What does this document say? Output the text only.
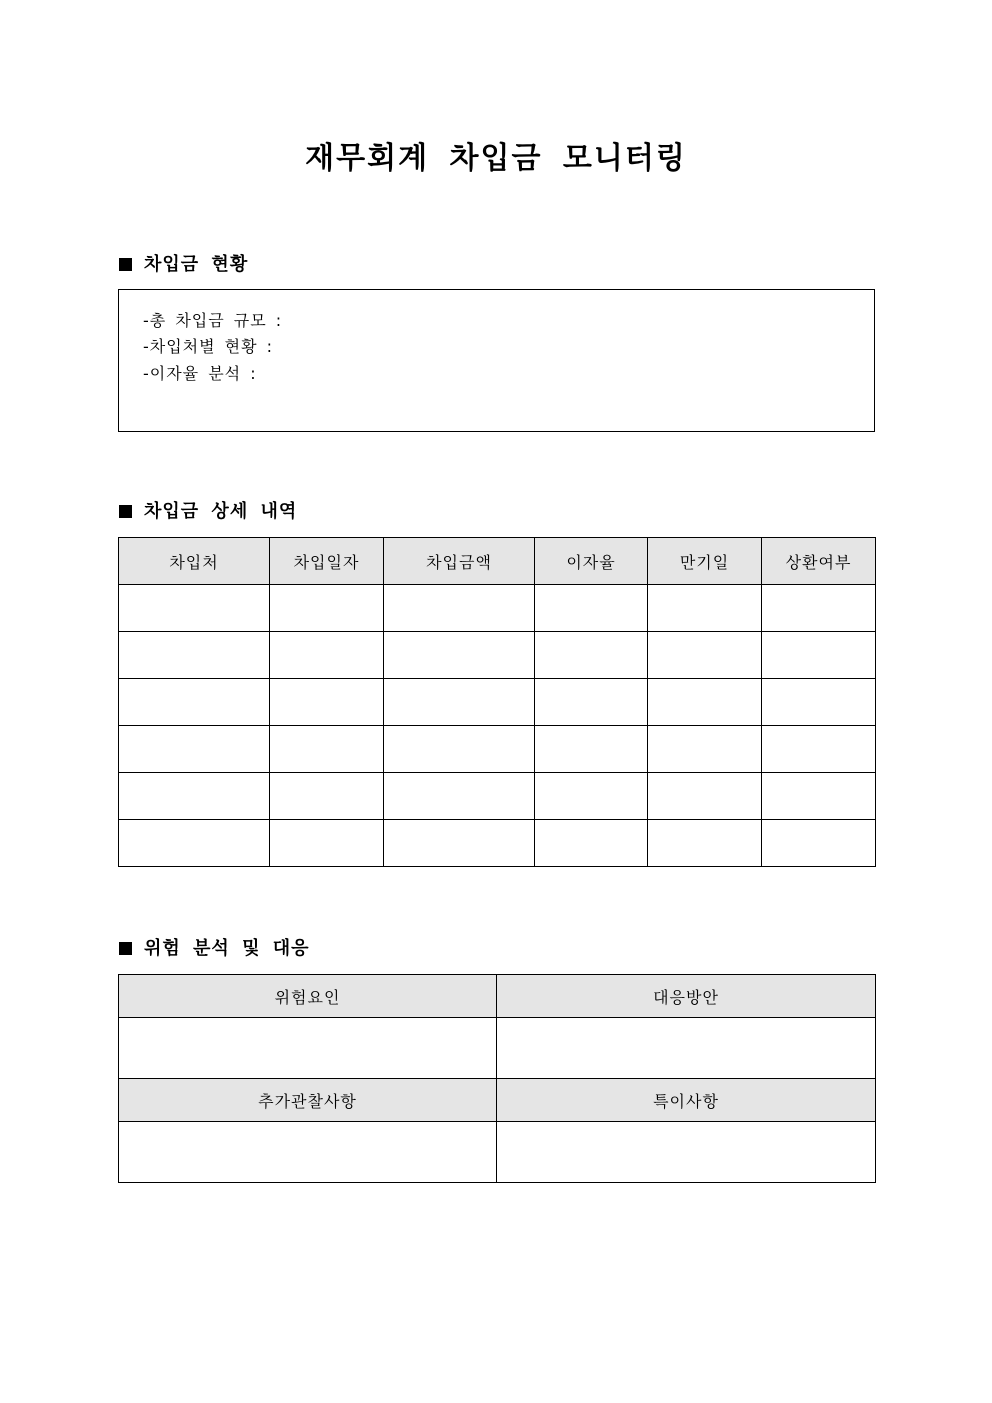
재무회계 차입금 모니터링
차입금 현황
-총 차입금 규모 :
-차입처별 현황 :
-이자율 분석 :
차입금 상세 내역
차입처	차입일자	차입금액	이자율	만기일	상환여부

위험 분석 및 대응
위험요인	대응방안

추가관찰사항	특이사항
